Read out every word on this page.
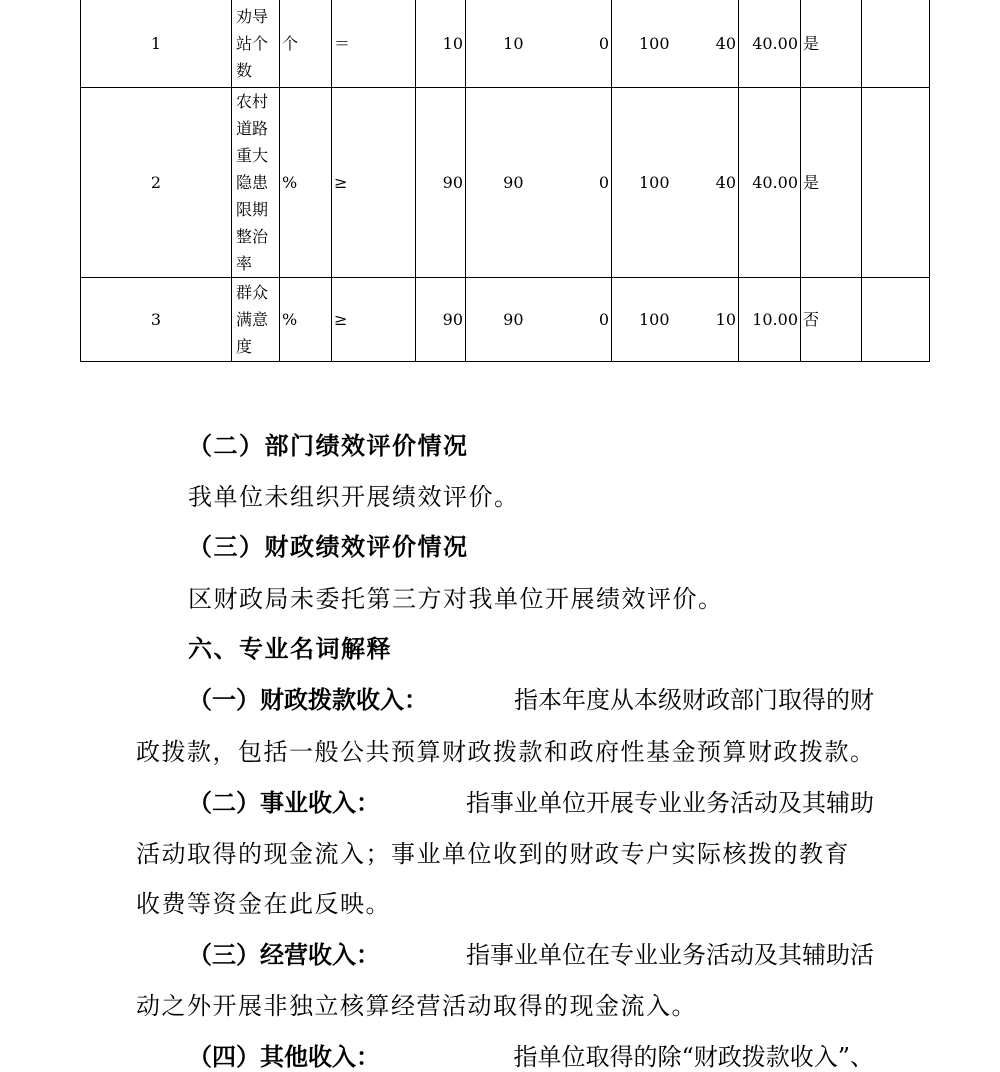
1	劝导站个数	个	＝	10	10	0	100	40	40.00	是	
2	农村道路重大隐患限期整治率	%	≥	90	90	0	100	40	40.00	是	
3	群众满意度	%	≥	90	90	0	100	10	10.00	否	

（二）部门绩效评价情况

我单位未组织开展绩效评价。

（三）财政绩效评价情况

区财政局未委托第三方对我单位开展绩效评价。

六、专业名词解释

（一）财政拨款收入：	指本年度从本级财政部门取得的财

政拨款，包括一般公共预算财政拨款和政府性基金预算财政拨款。

（二）事业收入：	指事业单位开展专业业务活动及其辅助

活动取得的现金流入；事业单位收到的财政专户实际核拨的教育

收费等资金在此反映。

（三）经营收入：	指事业单位在专业业务活动及其辅助活

动之外开展非独立核算经营活动取得的现金流入。

（四）其他收入：	指单位取得的除“财政拨款收入”、
